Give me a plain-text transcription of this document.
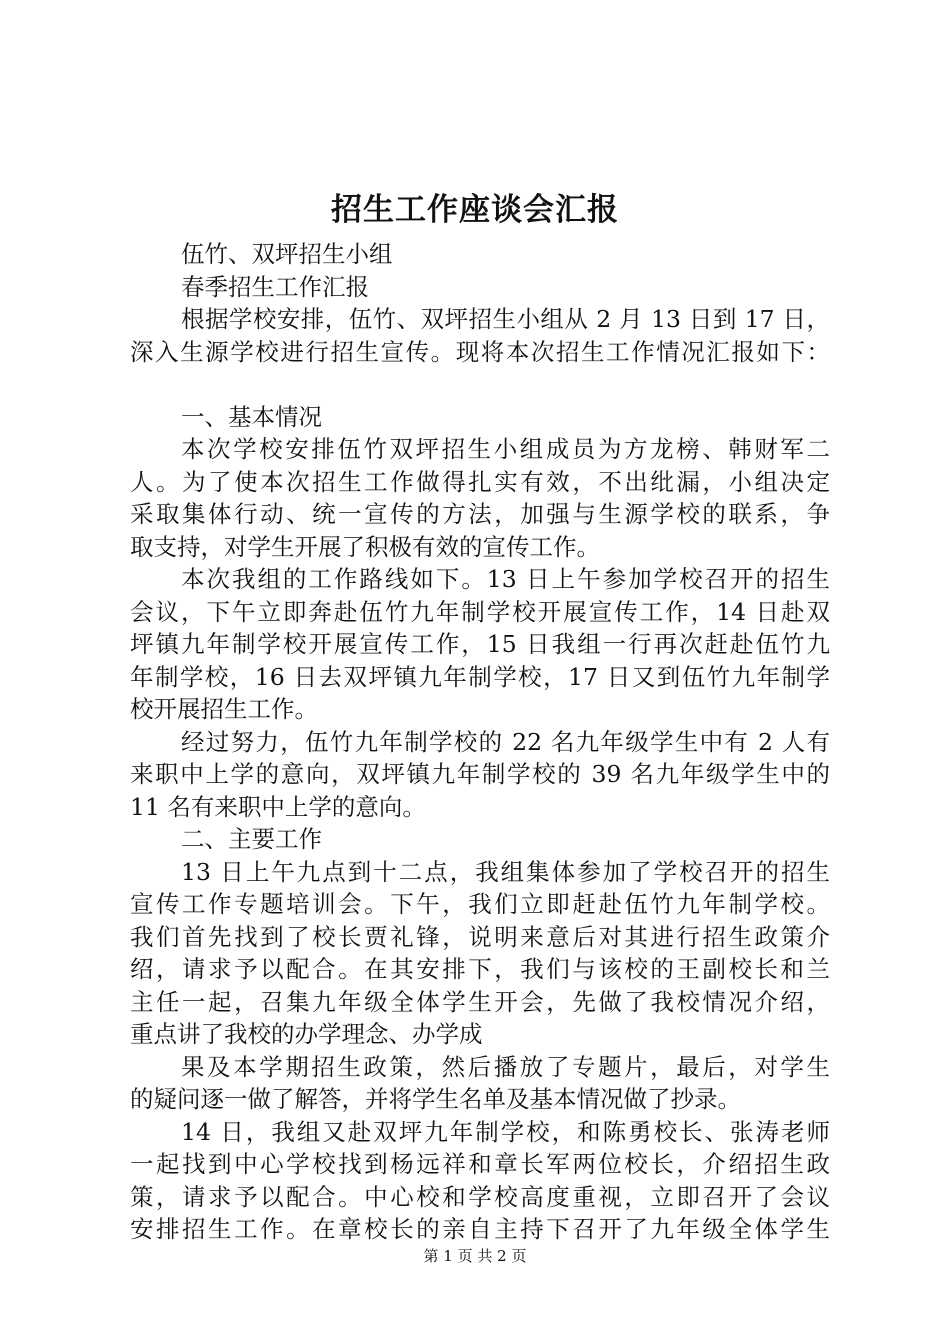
招生工作座谈会汇报
伍竹、双坪招生小组
春季招生工作汇报
根据学校安排，伍竹、双坪招生小组从 2 月 13 日到 17 日，
深入生源学校进行招生宣传。现将本次招生工作情况汇报如下：
一、基本情况
本次学校安排伍竹双坪招生小组成员为方龙榜、韩财军二
人。为了使本次招生工作做得扎实有效，不出纰漏，小组决定
采取集体行动、统一宣传的方法，加强与生源学校的联系，争
取支持，对学生开展了积极有效的宣传工作。
本次我组的工作路线如下。13 日上午参加学校召开的招生
会议，下午立即奔赴伍竹九年制学校开展宣传工作，14 日赴双
坪镇九年制学校开展宣传工作，15 日我组一行再次赶赴伍竹九
年制学校，16 日去双坪镇九年制学校，17 日又到伍竹九年制学
校开展招生工作。
经过努力，伍竹九年制学校的 22 名九年级学生中有 2 人有
来职中上学的意向，双坪镇九年制学校的 39 名九年级学生中的
11 名有来职中上学的意向。
二、主要工作
13 日上午九点到十二点，我组集体参加了学校召开的招生
宣传工作专题培训会。下午，我们立即赶赴伍竹九年制学校。
我们首先找到了校长贾礼锋，说明来意后对其进行招生政策介
绍，请求予以配合。在其安排下，我们与该校的王副校长和兰
主任一起，召集九年级全体学生开会，先做了我校情况介绍，
重点讲了我校的办学理念、办学成
果及本学期招生政策，然后播放了专题片，最后，对学生
的疑问逐一做了解答，并将学生名单及基本情况做了抄录。
14 日，我组又赴双坪九年制学校，和陈勇校长、张涛老师
一起找到中心学校找到杨远祥和章长军两位校长，介绍招生政
策，请求予以配合。中心校和学校高度重视，立即召开了会议
安排招生工作。在章校长的亲自主持下召开了九年级全体学生
第 1 页 共 2 页
